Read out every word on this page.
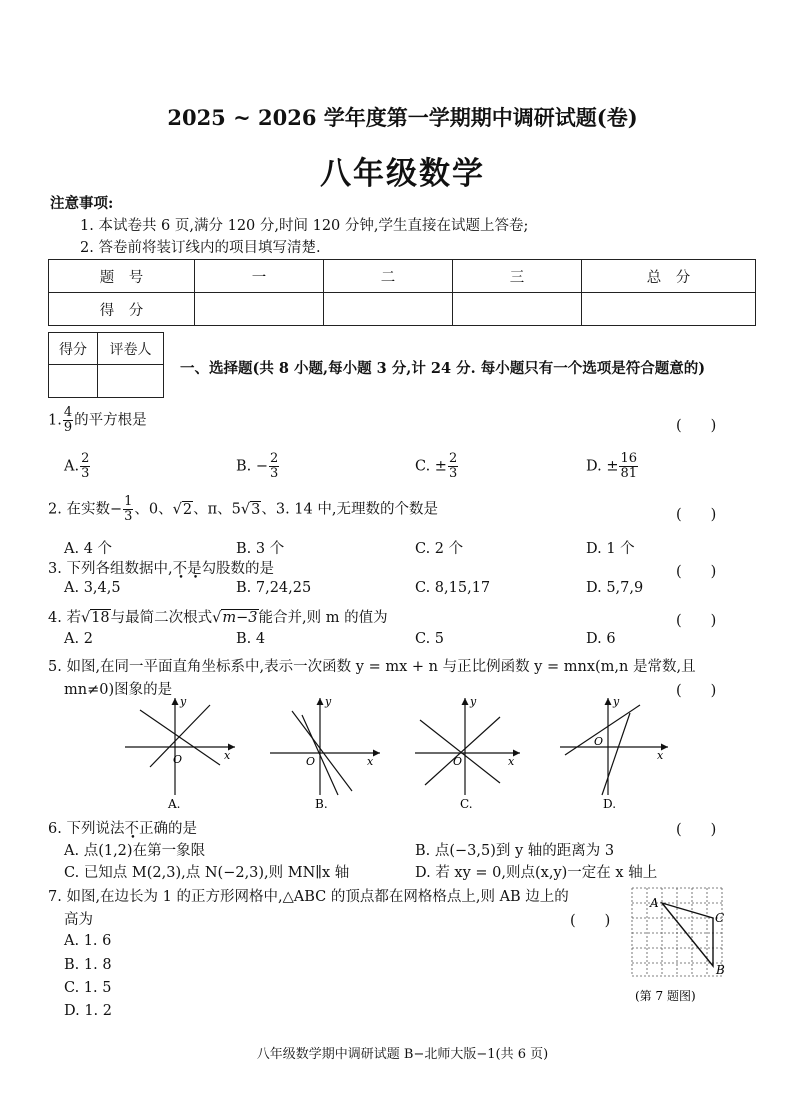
2025 ~ 2026 学年度第一学期期中调研试题(卷)
八年级数学
注意事项:
1. 本试卷共 6 页,满分 120 分,时间 120 分钟,学生直接在试题上答卷;
2. 答卷前将装订线内的项目填写清楚.
题　号	一	二	三	总　分
得　分				
得分	评卷人

一、选择题(共 8 小题,每小题 3 分,计 24 分. 每小题只有一个选项是符合题意的)
1. $\frac{4}{9}$ 的平方根是	(　　)
A. $\frac{2}{3}$	B. − $\frac{2}{3}$	C. ± $\frac{2}{3}$	D. ± $\frac{16}{81}$
2. 在实数− $\frac{1}{3}$ 、0、√2、π、5√3、3. 14 中,无理数的个数是	(　　)
A. 4 个	B. 3 个	C. 2 个	D. 1 个
3. 下列各组数据中,不是勾股数的是	(　　)
A. 3,4,5	B. 7,24,25	C. 8,15,17	D. 5,7,9
4. 若√18与最简二次根式√m−3能合并,则 m 的值为	(　　)
A. 2	B. 4	C. 5	D. 6
5. 如图,在同一平面直角坐标系中,表示一次函数 y = mx + n 与正比例函数 y = mnx(m,n 是常数,且
mn≠0)图象的是	(　　)
y
x
O
A.
y
x
O
B.
y
x
O
C.
y
x
O
D.
6. 下列说法不正确的是	(　　)
A. 点(1,2)在第一象限	B. 点(−3,5)到 y 轴的距离为 3
C. 已知点 M(2,3),点 N(−2,3),则 MN∥x 轴	D. 若 xy = 0,则点(x,y)一定在 x 轴上
7. 如图,在边长为 1 的正方形网格中,△ABC 的顶点都在网格格点上,则 AB 边上的
高为	(　　)
A. 1. 6
B. 1. 8
C. 1. 5
D. 1. 2
A
B
C
(第 7 题图)
八年级数学期中调研试题 B−北师大版−1(共 6 页)
